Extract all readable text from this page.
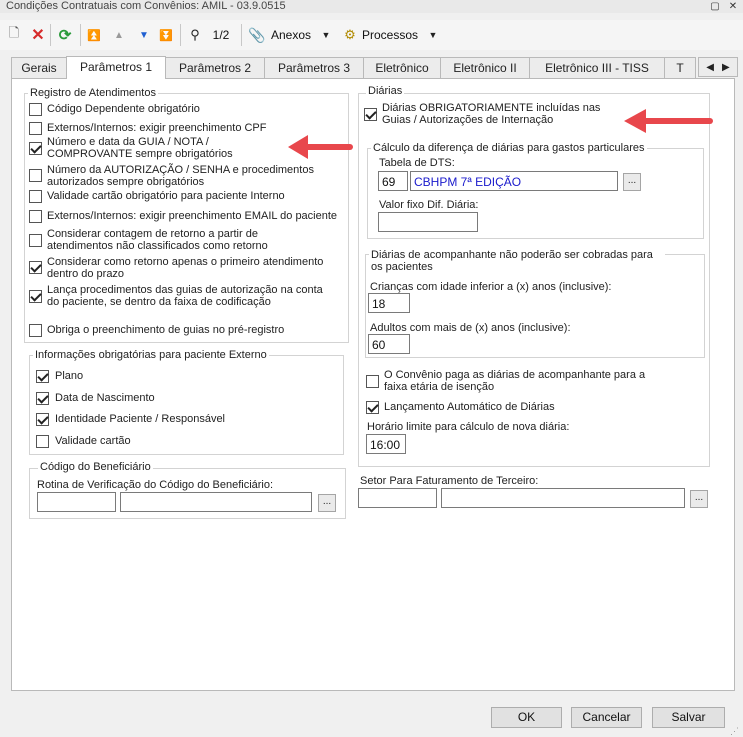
Condições Contratuais com Convênios: AMIL - 03.9.0515	▢ ✕
🗋 ✕ ⟳ ⏫	▲	▼ ⏬	⚲	1/2 📎 Anexos	▼ ⚙ Processos	▼
Gerais	Parâmetros 1	Parâmetros 2	Parâmetros 3	Eletrônico	Eletrônico II	Eletrônico III - TISS	T	◀ ▶
Registro de Atendimentos
Código Dependente obrigatório
Externos/Internos: exigir preenchimento CPF
Número e data da GUIA / NOTA / COMPROVANTE sempre obrigatórios
Número da AUTORIZAÇÃO / SENHA e procedimentos autorizados sempre obrigatórios
Validade cartão obrigatório para paciente Interno
Externos/Internos: exigir preenchimento EMAIL do paciente
Considerar contagem de retorno a partir de atendimentos não classificados como retorno
Considerar como retorno apenas o primeiro atendimento dentro do prazo
Lança procedimentos das guias de autorização na conta do paciente, se dentro da faixa de codificação
Obriga o preenchimento de guias no pré-registro
Informações obrigatórias para paciente Externo
Plano
Data de Nascimento
Identidade Paciente / Responsável
Validade cartão
Código do Beneficiário
Rotina de Verificação do Código do Beneficiário:
...
Diárias
Diárias OBRIGATORIAMENTE incluídas nas Guias / Autorizações de Internação
Cálculo da diferença de diárias para gastos particulares
Tabela de DTS:
69	CBHPM 7ª EDIÇÃO	...
Valor fixo Dif. Diária:
Diárias de acompanhante não poderão ser cobradas para os pacientes
Crianças com idade inferior a (x) anos (inclusive):
18
Adultos com mais de (x) anos (inclusive):
60
O Convênio paga as diárias de acompanhante para a faixa etária de isenção
Lançamento Automático de Diárias
Horário limite para cálculo de nova diária:
16:00
Setor Para Faturamento de Terceiro:
...
OK	Cancelar	Salvar
⋰
